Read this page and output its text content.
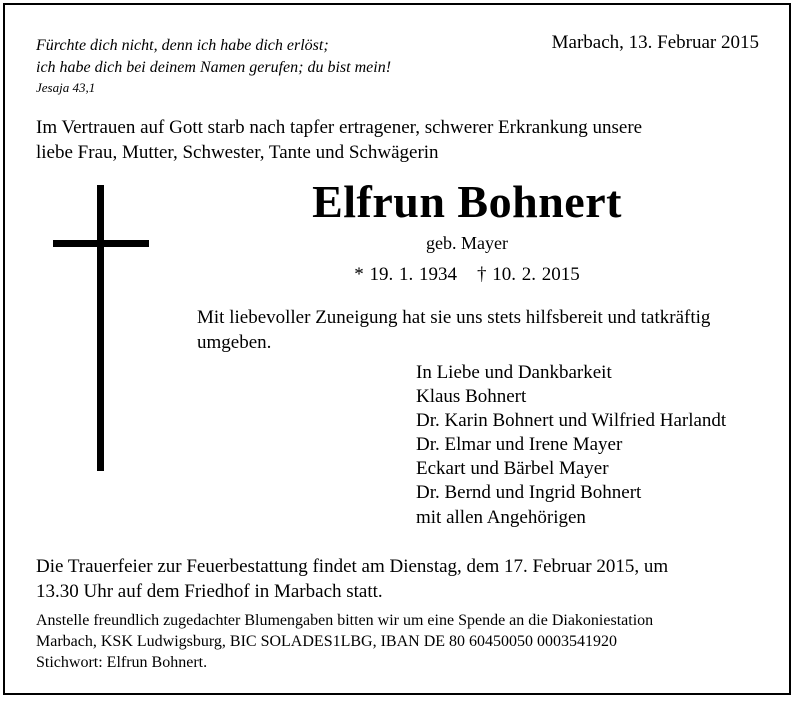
Fürchte dich nicht, denn ich habe dich erlöst;
ich habe dich bei deinem Namen gerufen; du bist mein!
Jesaja 43,1
Marbach, 13. Februar 2015
Im Vertrauen auf Gott starb nach tapfer ertragener, schwerer Erkrankung unsere
liebe Frau, Mutter, Schwester, Tante und Schwägerin
Elfrun Bohnert
geb. Mayer
* 19. 1. 1934 † 10. 2. 2015
Mit liebevoller Zuneigung hat sie uns stets hilfsbereit und tatkräftig
umgeben.
In Liebe und Dankbarkeit
Klaus Bohnert
Dr. Karin Bohnert und Wilfried Harlandt
Dr. Elmar und Irene Mayer
Eckart und Bärbel Mayer
Dr. Bernd und Ingrid Bohnert
mit allen Angehörigen
Die Trauerfeier zur Feuerbestattung findet am Dienstag, dem 17. Februar 2015, um
13.30 Uhr auf dem Friedhof in Marbach statt.
Anstelle freundlich zugedachter Blumengaben bitten wir um eine Spende an die Diakoniestation
Marbach, KSK Ludwigsburg, BIC SOLADES1LBG, IBAN DE 80 60450050 0003541920
Stichwort: Elfrun Bohnert.
